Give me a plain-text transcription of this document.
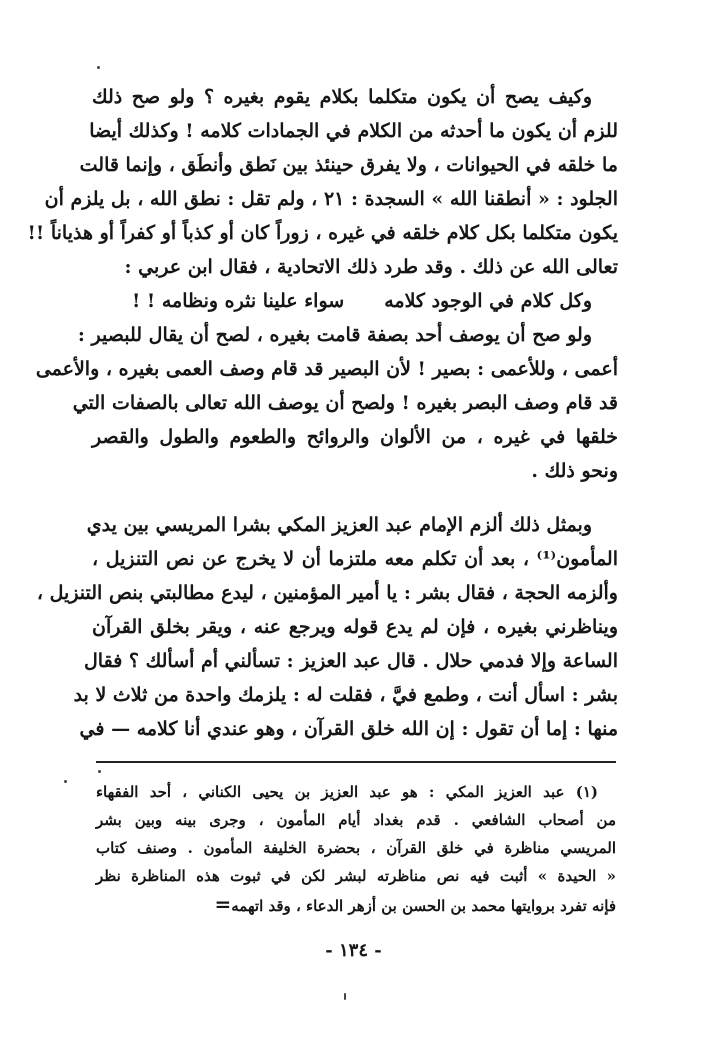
وكيف يصح أن يكون متكلما بكلام يقوم بغيره ؟ ولو صح ذلك
للزم أن يكون ما أحدثه من الكلام في الجمادات كلامه ! وكذلك أيضا
ما خلقه في الحيوانات ، ولا يفرق حينئذ بين نَطق وأنطَق ، وإنما قالت
الجلود : « أنطقنا الله » السجدة : ٢١ ، ولم تقل : نطق الله ، بل يلزم أن
يكون متكلما بكل كلام خلقه في غيره ، زوراً كان أو كذباً أو كفراً أو هذياناً !!
تعالى الله عن ذلك . وقد طرد ذلك الاتحادية ، فقال ابن عربي :
وكل كلام في الوجود كلامه
سواء علينا نثره ونظامه ! !
ولو صح أن يوصف أحد بصفة قامت بغيره ، لصح أن يقال للبصير :
أعمى ، وللأعمى : بصير ! لأن البصير قد قام وصف العمى بغيره ، والأعمى
قد قام وصف البصر بغيره ! ولصح أن يوصف الله تعالى بالصفات التي
خلقها في غيره ، من الألوان والروائح والطعوم والطول والقصر
ونحو ذلك .
وبمثل ذلك ألزم الإمام عبد العزيز المكي بشرا المريسي بين يدي
المأمون⁽¹⁾ ، بعد أن تكلم معه ملتزما أن لا يخرج عن نص التنزيل ،
وألزمه الحجة ، فقال بشر : يا أمير المؤمنين ، ليدع مطالبتي بنص التنزيل ،
ويناظرني بغيره ، فإن لم يدع قوله ويرجع عنه ، ويقر بخلق القرآن
الساعة وإلا فدمي حلال . قال عبد العزيز : تسألني أم أسألك ؟ فقال
بشر : اسأل أنت ، وطمع فيَّ ، فقلت له : يلزمك واحدة من ثلاث لا بد
منها : إما أن تقول : إن الله خلق القرآن ، وهو عندي أنا كلامه — في
(١) عبد العزيز المكي : هو عبد العزيز بن يحيى الكناني ، أحد الفقهاء
من أصحاب الشافعي . قدم بغداد أيام المأمون ، وجرى بينه وبين بشر
المريسي مناظرة في خلق القرآن ، بحضرة الخليفة المأمون . وصنف كتاب
« الحيدة » أثبت فيه نص مناظرته لبشر لكن في ثبوت هذه المناظرة نظر
فإنه تفرد بروايتها محمد بن الحسن بن أزهر الدعاء ، وقد اتهمه=
- ١٣٤ -
